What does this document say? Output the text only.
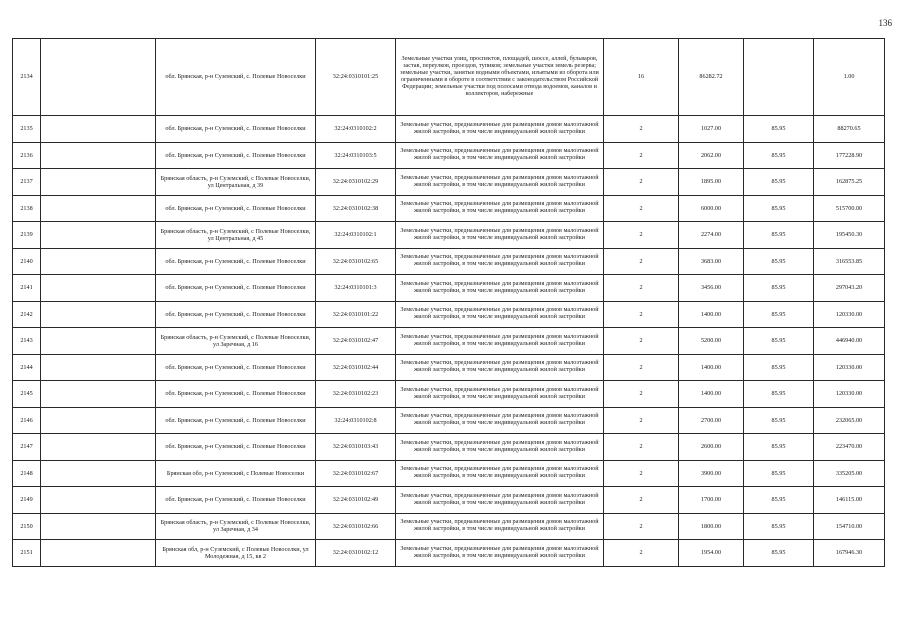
136
2134		обл. Брянская, р-н Суземский, с. Полевые Новоселки	32:24:0310101:25	Земельные участки улиц, проспектов, площадей, шоссе, аллей, бульваров, застав, переулков, проездов, тупиков; земельные участки земель резерва; земельные участки, занятые водными объектами, изъятыми из оборота или ограниченными в обороте в соответствии с законодательством Российской Федерации; земельные участки под полосами отвода водоемов, каналов и коллекторов, набережные	16	86282.72		1.00
2135		обл. Брянская, р-н Суземский, с. Полевые Новоселки	32:24:0310102:2	Земельные участки, предназначенные для размещения домов малоэтажной жилой застройки, в том числе индивидуальной жилой застройки	2	1027.00	85.95	88270.65
2136		обл. Брянская, р-н Суземский, с. Полевые Новоселки	32:24:0310103:5	Земельные участки, предназначенные для размещения домов малоэтажной жилой застройки, в том числе индивидуальной жилой застройки	2	2062.00	85.95	177228.90
2137		Брянская область, р-н Суземский, с Полевые Новоселки, ул Центральная, д 39	32:24:0310102:29	Земельные участки, предназначенные для размещения домов малоэтажной жилой застройки, в том числе индивидуальной жилой застройки	2	1895.00	85.95	162875.25
2138		обл. Брянская, р-н Суземский, с. Полевые Новоселки	32:24:0310102:38	Земельные участки, предназначенные для размещения домов малоэтажной жилой застройки, в том числе индивидуальной жилой застройки	2	6000.00	85.95	515700.00
2139		Брянская область, р-н Суземский, с Полевые Новоселки, ул Центральная, д 45	32:24:0310102:1	Земельные участки, предназначенные для размещения домов малоэтажной жилой застройки, в том числе индивидуальной жилой застройки	2	2274.00	85.95	195450.30
2140		обл. Брянская, р-н Суземский, с. Полевые Новоселки	32:24:0310102:65	Земельные участки, предназначенные для размещения домов малоэтажной жилой застройки, в том числе индивидуальной жилой застройки	2	3683.00	85.95	316553.85
2141		обл. Брянская, р-н Суземский, с. Полевые Новоселки	32:24:0310101:3	Земельные участки, предназначенные для размещения домов малоэтажной жилой застройки, в том числе индивидуальной жилой застройки	2	3456.00	85.95	297043.20
2142		обл. Брянская, р-н Суземский, с. Полевые Новоселки	32:24:0310101:22	Земельные участки, предназначенные для размещения домов малоэтажной жилой застройки, в том числе индивидуальной жилой застройки	2	1400.00	85.95	120330.00
2143		Брянская область, р-н Суземский, с Полевые Новоселки, ул Заречная, д 16	32:24:0310102:47	Земельные участки, предназначенные для размещения домов малоэтажной жилой застройки, в том числе индивидуальной жилой застройки	2	5200.00	85.95	446940.00
2144		обл. Брянская, р-н Суземский, с. Полевые Новоселки	32:24:0310102:44	Земельные участки, предназначенные для размещения домов малоэтажной жилой застройки, в том числе индивидуальной жилой застройки	2	1400.00	85.95	120330.00
2145		обл. Брянская, р-н Суземский, с. Полевые Новоселки	32:24:0310102:23	Земельные участки, предназначенные для размещения домов малоэтажной жилой застройки, в том числе индивидуальной жилой застройки	2	1400.00	85.95	120330.00
2146		обл. Брянская, р-н Суземский, с. Полевые Новоселки	32:24:0310102:8	Земельные участки, предназначенные для размещения домов малоэтажной жилой застройки, в том числе индивидуальной жилой застройки	2	2700.00	85.95	232065.00
2147		обл. Брянская, р-н Суземский, с. Полевые Новоселки	32:24:0310103:43	Земельные участки, предназначенные для размещения домов малоэтажной жилой застройки, в том числе индивидуальной жилой застройки	2	2600.00	85.95	223470.00
2148		Брянская обл, р-н Суземский, с Полевые Новоселки	32:24:0310102:67	Земельные участки, предназначенные для размещения домов малоэтажной жилой застройки, в том числе индивидуальной жилой застройки	2	3900.00	85.95	335205.00
2149		обл. Брянская, р-н Суземский, с. Полевые Новоселки	32:24:0310102:49	Земельные участки, предназначенные для размещения домов малоэтажной жилой застройки, в том числе индивидуальной жилой застройки	2	1700.00	85.95	146115.00
2150		Брянская область, р-н Суземский, с Полевые Новоселки, ул Заречная, д 34	32:24:0310102:66	Земельные участки, предназначенные для размещения домов малоэтажной жилой застройки, в том числе индивидуальной жилой застройки	2	1800.00	85.95	154710.00
2151		Брянская обл, р-н Суземский, с Полевые Новоселки, ул Молодежная, д 15, кв 2	32:24:0310102:12	Земельные участки, предназначенные для размещения домов малоэтажной жилой застройки, в том числе индивидуальной жилой застройки	2	1954.00	85.95	167946.30
